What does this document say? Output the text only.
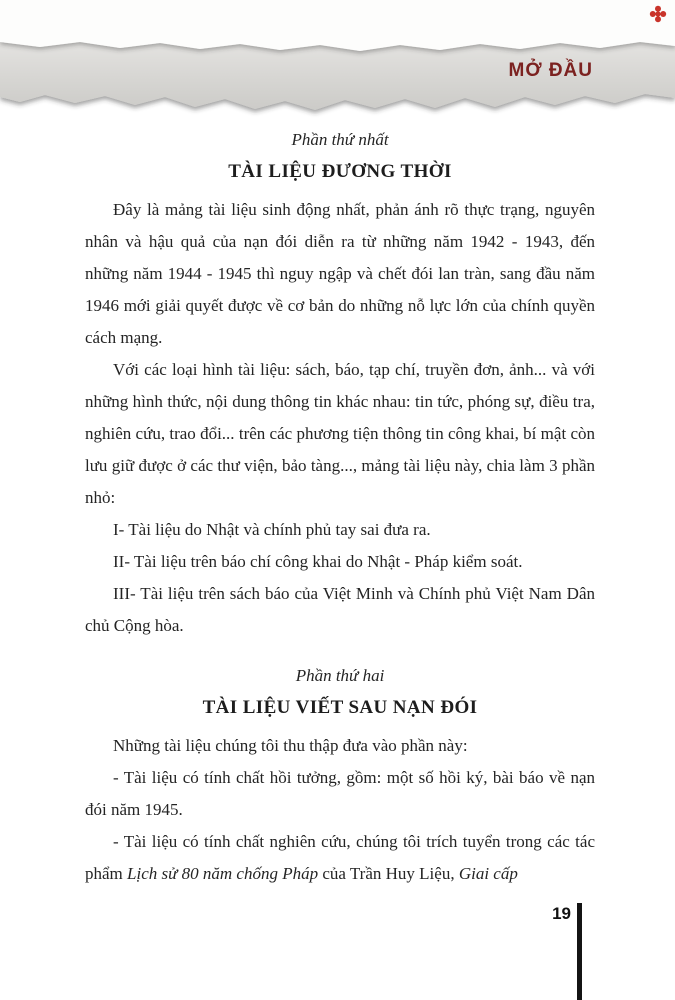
MỞ ĐẦU
Phần thứ nhất
TÀI LIỆU ĐƯƠNG THỜI

Đây là mảng tài liệu sinh động nhất, phản ánh rõ thực trạng, nguyên nhân và hậu quả của nạn đói diễn ra từ những năm 1942 - 1943, đến những năm 1944 - 1945 thì nguy ngập và chết đói lan tràn, sang đầu năm 1946 mới giải quyết được về cơ bản do những nỗ lực lớn của chính quyền cách mạng.

Với các loại hình tài liệu: sách, báo, tạp chí, truyền đơn, ảnh... và với những hình thức, nội dung thông tin khác nhau: tin tức, phóng sự, điều tra, nghiên cứu, trao đổi... trên các phương tiện thông tin công khai, bí mật còn lưu giữ được ở các thư viện, bảo tàng..., mảng tài liệu này, chia làm 3 phần nhỏ:

I- Tài liệu do Nhật và chính phủ tay sai đưa ra.

II- Tài liệu trên báo chí công khai do Nhật - Pháp kiểm soát.

III- Tài liệu trên sách báo của Việt Minh và Chính phủ Việt Nam Dân chủ Cộng hòa.

Phần thứ hai
TÀI LIỆU VIẾT SAU NẠN ĐÓI

Những tài liệu chúng tôi thu thập đưa vào phần này:

- Tài liệu có tính chất hồi tưởng, gồm: một số hồi ký, bài báo về nạn đói năm 1945.

- Tài liệu có tính chất nghiên cứu, chúng tôi trích tuyển trong các tác phẩm Lịch sử 80 năm chống Pháp của Trần Huy Liệu, Giai cấp

19
